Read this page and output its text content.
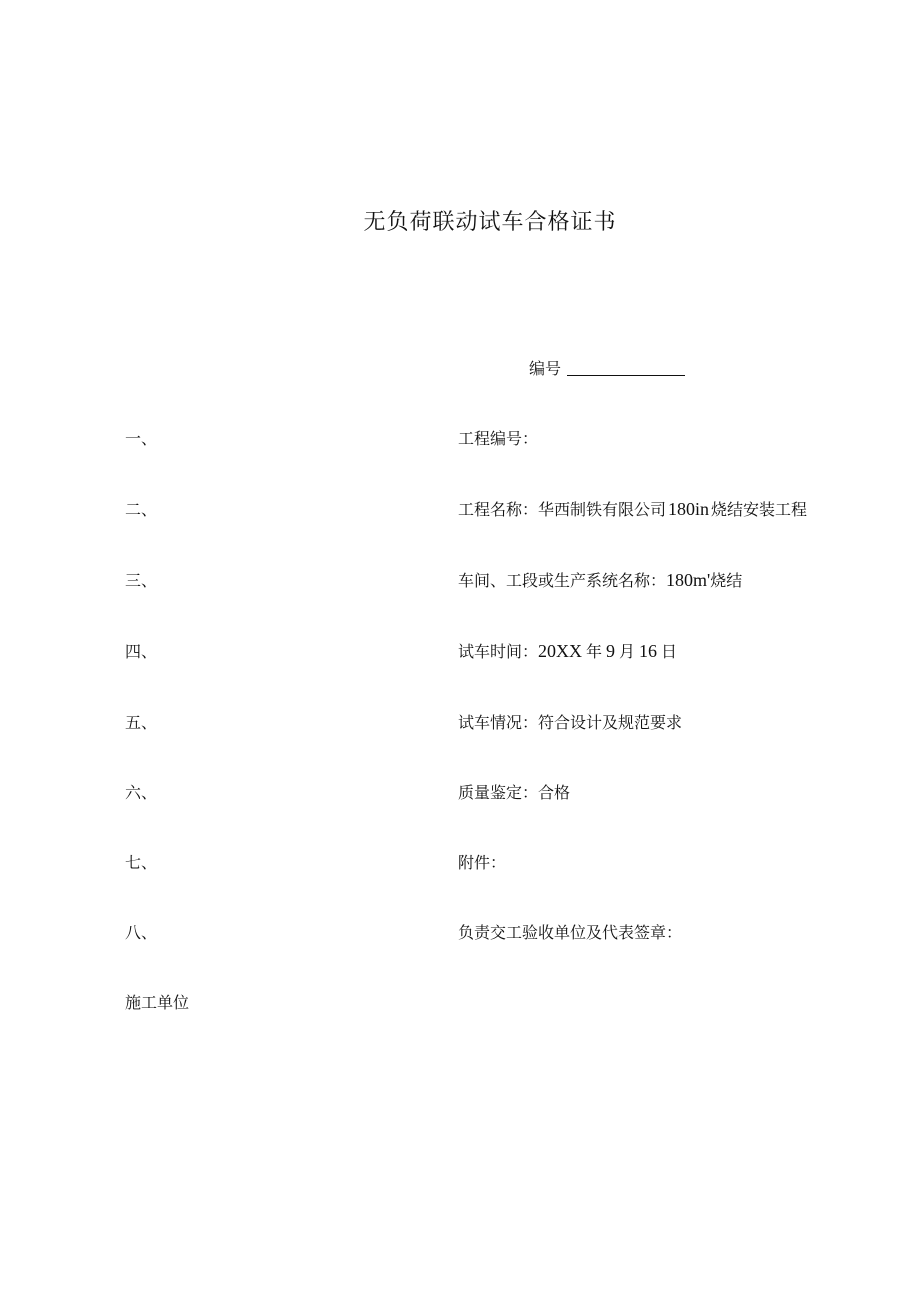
无负荷联动试车合格证书
编号
一、	工程编号：
二、	工程名称：华西制铁有限公司 180in 烧结安装工程
三、	车间、工段或生产系统名称：180m'烧结
四、	试车时间：20XX 年 9 月 16 日
五、	试车情况：符合设计及规范要求
六、	质量鉴定：合格
七、	附件：
八、	负责交工验收单位及代表签章：
施工单位
